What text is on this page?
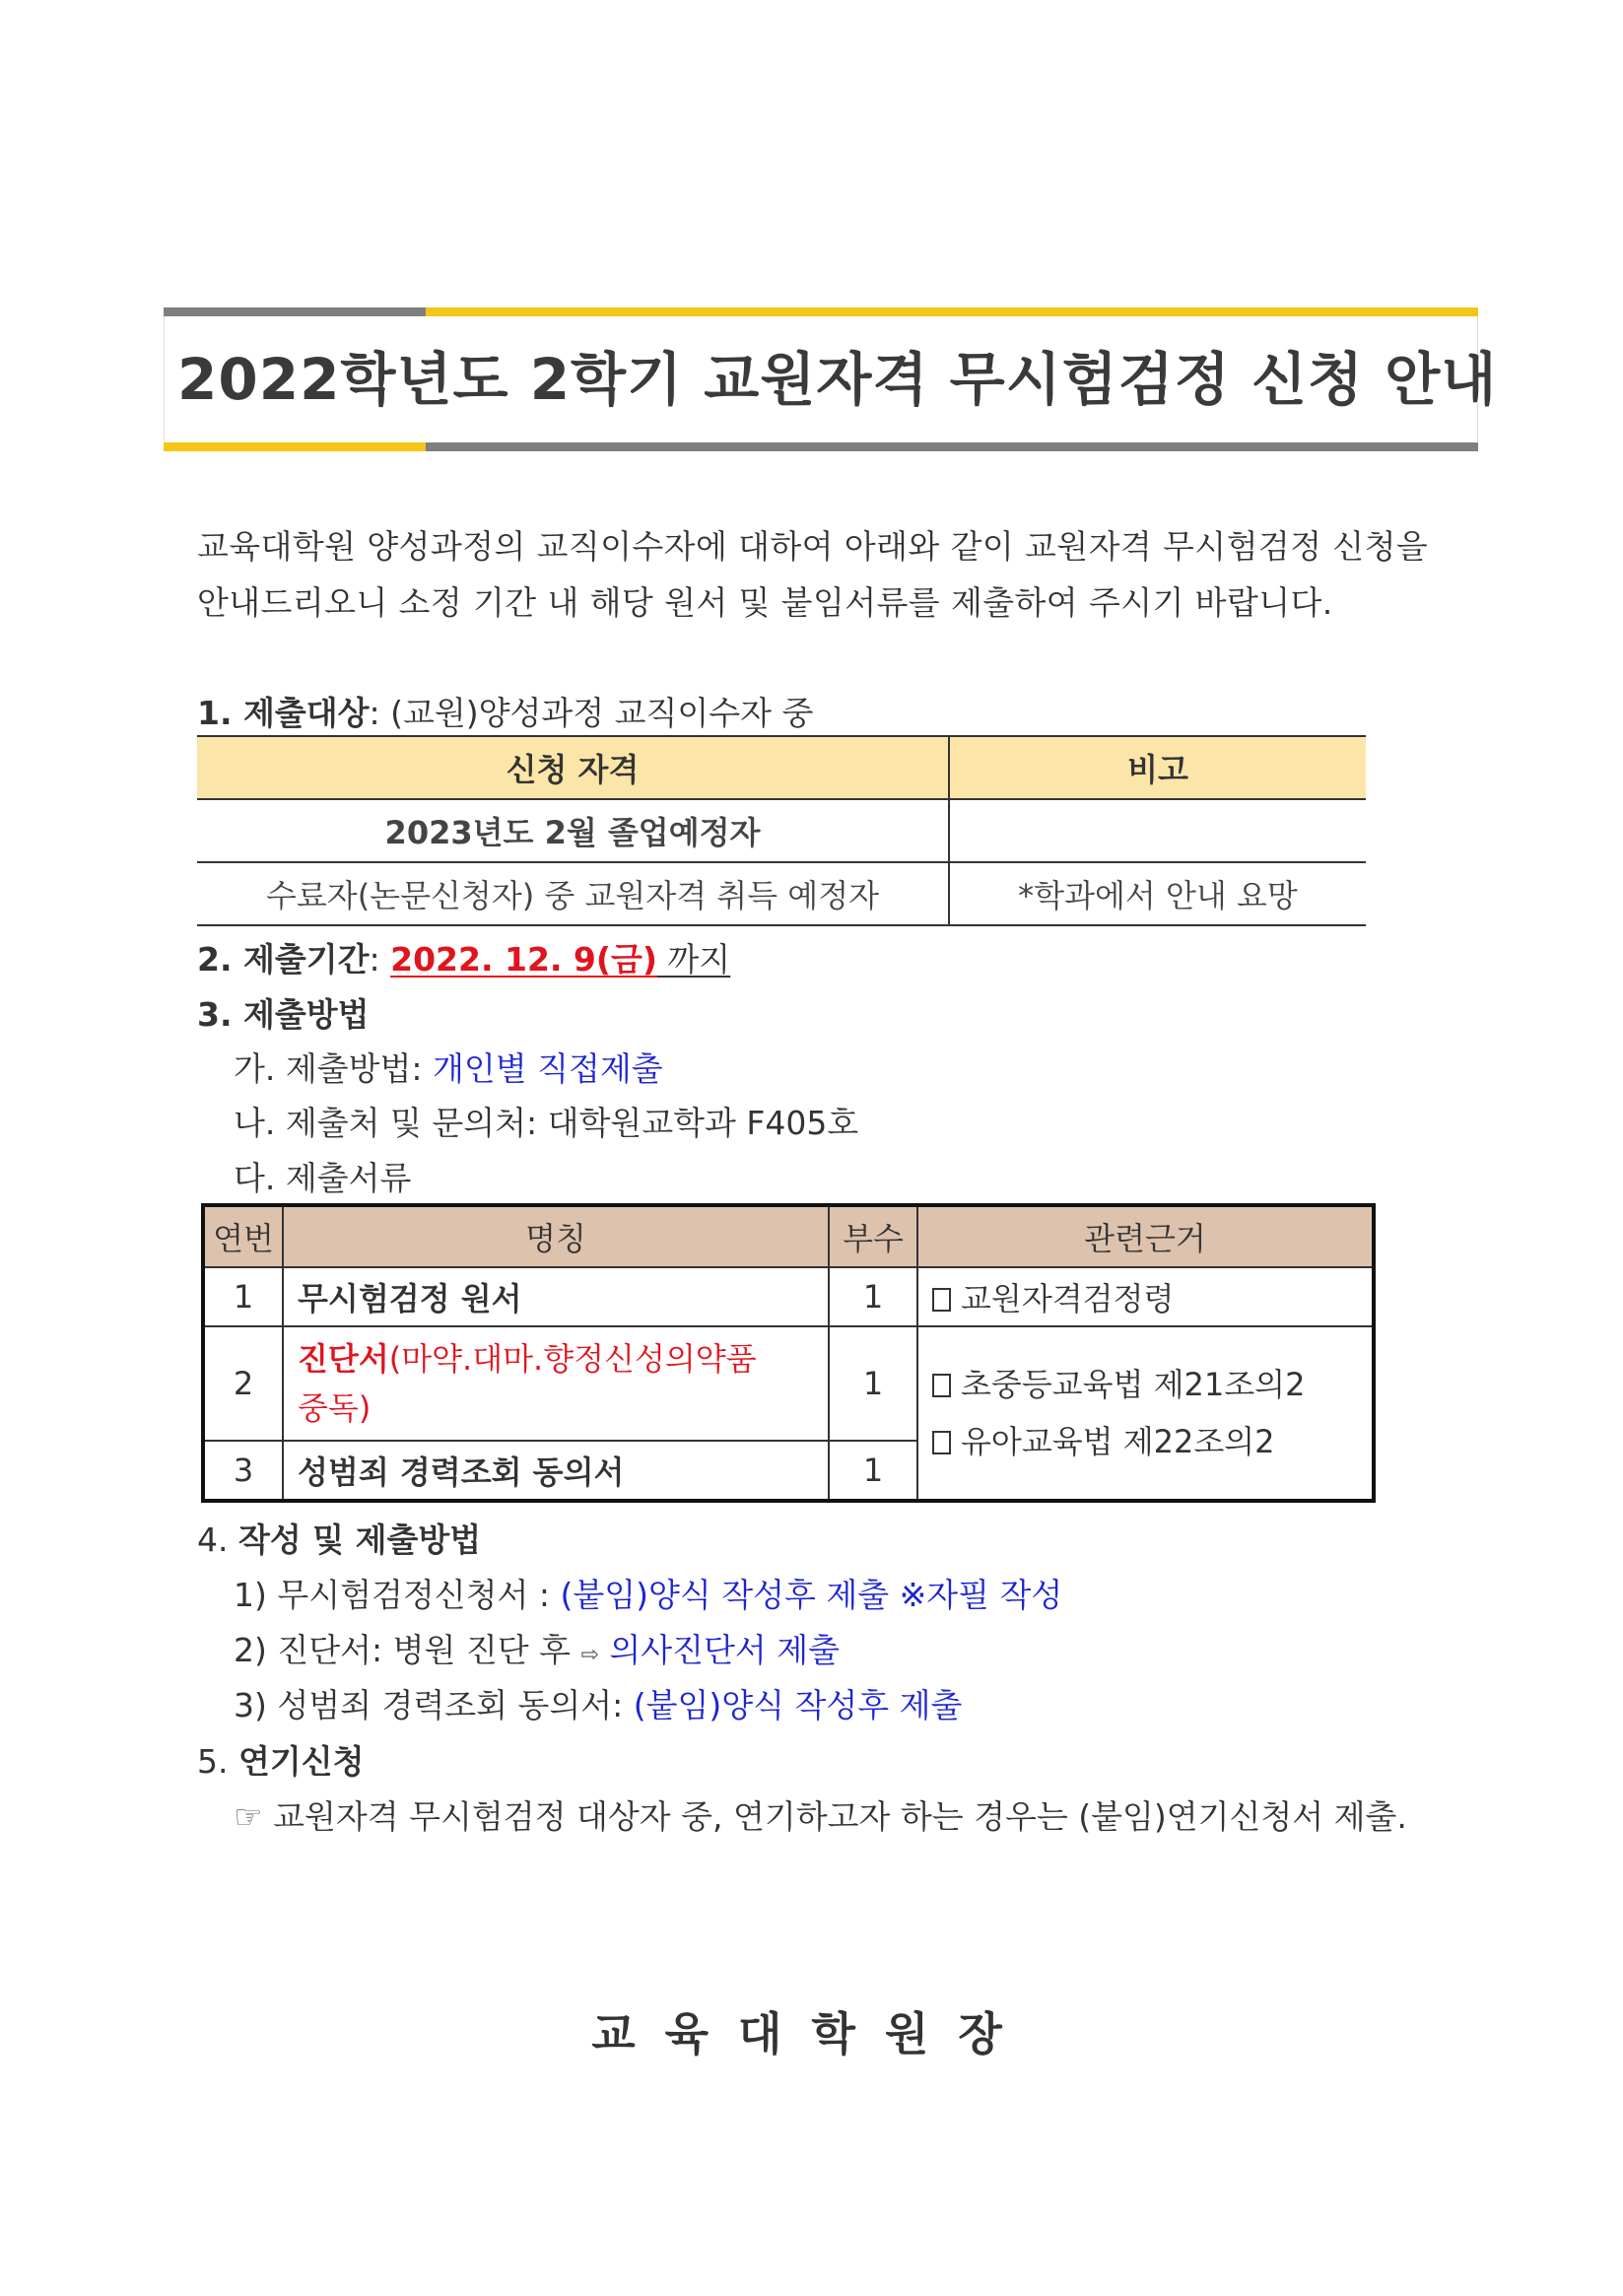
2022학년도 2학기 교원자격 무시험검정 신청 안내
교육대학원 양성과정의 교직이수자에 대하여 아래와 같이 교원자격 무시험검정 신청을
안내드리오니 소정 기간 내 해당 원서 및 붙임서류를 제출하여 주시기 바랍니다.
1. 제출대상: (교원)양성과정 교직이수자 중
신청 자격	비고
2023년도 2월 졸업예정자	
수료자(논문신청자) 중 교원자격 취득 예정자	*학과에서 안내 요망
2. 제출기간: 2022. 12. 9(금) 까지
3. 제출방법
가. 제출방법: 개인별 직접제출
나. 제출처 및 문의처: 대학원교학과 F405호
다. 제출서류
연번	명칭	부수	관련근거
1	무시험검정 원서	1	교원자격검정령
2	진단서(마약.대마.향정신성의약품
중독)	1	초중등교육법 제21조의2
유아교육법 제22조의2
3	성범죄 경력조회 동의서	1	
4. 작성 및 제출방법
1) 무시험검정신청서 : (붙임)양식 작성후 제출 ※자필 작성
2) 진단서: 병원 진단 후 ⇨ 의사진단서 제출
3) 성범죄 경력조회 동의서: (붙임)양식 작성후 제출
5. 연기신청
☞ 교원자격 무시험검정 대상자 중, 연기하고자 하는 경우는 (붙임)연기신청서 제출.
교육대학원장
